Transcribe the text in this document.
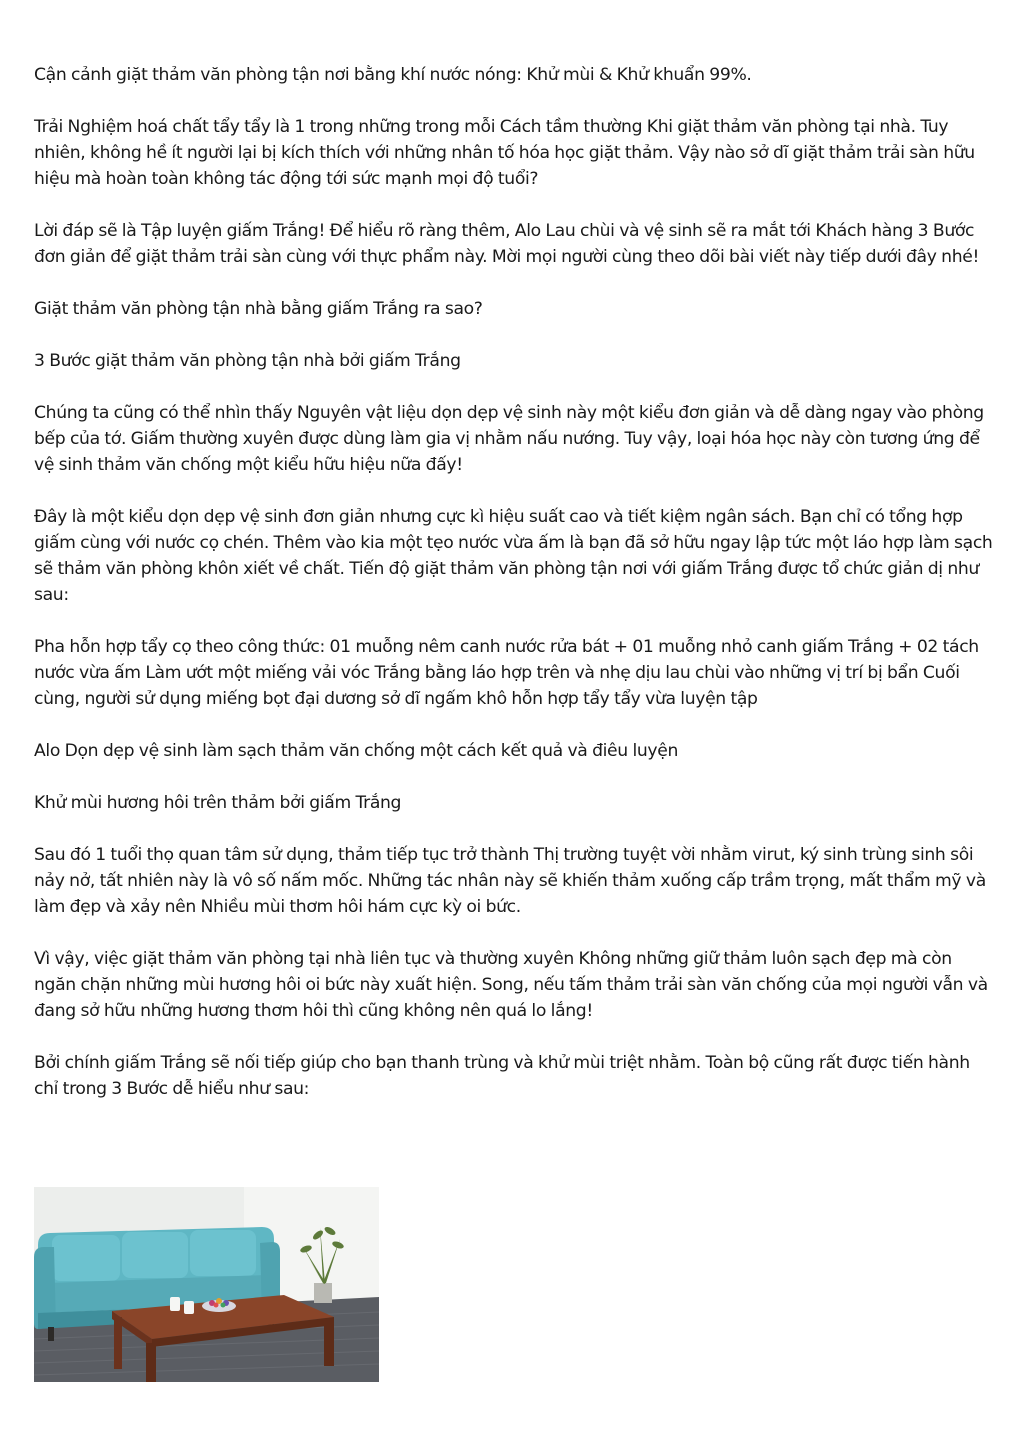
Cận cảnh giặt thảm văn phòng tận nơi bằng khí nước nóng: Khử mùi & Khử khuẩn 99%.

Trải Nghiệm hoá chất tẩy tẩy là 1 trong những trong mỗi Cách tầm thường Khi giặt thảm văn phòng tại nhà. Tuy nhiên, không hề ít người lại bị kích thích với những nhân tố hóa học giặt thảm. Vậy nào sở dĩ giặt thảm trải sàn hữu hiệu mà hoàn toàn không tác động tới sức mạnh mọi độ tuổi?

Lời đáp sẽ là Tập luyện giấm Trắng! Để hiểu rõ ràng thêm, Alo Lau chùi và vệ sinh sẽ ra mắt tới Khách hàng 3 Bước đơn giản để giặt thảm trải sàn cùng với thực phẩm này. Mời mọi người cùng theo dõi bài viết này tiếp dưới đây nhé!

Giặt thảm văn phòng tận nhà bằng giấm Trắng ra sao?

3 Bước giặt thảm văn phòng tận nhà bởi giấm Trắng

Chúng ta cũng có thể nhìn thấy Nguyên vật liệu dọn dẹp vệ sinh này một kiểu đơn giản và dễ dàng ngay vào phòng bếp của tớ. Giấm thường xuyên được dùng làm gia vị nhằm nấu nướng. Tuy vậy, loại hóa học này còn tương ứng để vệ sinh thảm văn chống một kiểu hữu hiệu nữa đấy!

Đây là một kiểu dọn dẹp vệ sinh đơn giản nhưng cực kì hiệu suất cao và tiết kiệm ngân sách. Bạn chỉ có tổng hợp giấm cùng với nước cọ chén. Thêm vào kia một tẹo nước vừa ấm là bạn đã sở hữu ngay lập tức một láo hợp làm sạch sẽ thảm văn phòng khôn xiết về chất. Tiến độ giặt thảm văn phòng tận nơi với giấm Trắng được tổ chức giản dị như sau:

Pha hỗn hợp tẩy cọ theo công thức: 01 muỗng nêm canh nước rửa bát + 01 muỗng nhỏ canh giấm Trắng + 02 tách nước vừa ấm Làm ướt một miếng vải vóc Trắng bằng láo hợp trên và nhẹ dịu lau chùi vào những vị trí bị bẩn Cuối cùng, người sử dụng miếng bọt đại dương sở dĩ ngấm khô hỗn hợp tẩy tẩy vừa luyện tập

Alo Dọn dẹp vệ sinh làm sạch thảm văn chống một cách kết quả và điêu luyện

Khử mùi hương hôi trên thảm bởi giấm Trắng

Sau đó 1 tuổi thọ quan tâm sử dụng, thảm tiếp tục trở thành Thị trường tuyệt vời nhằm virut, ký sinh trùng sinh sôi nảy nở, tất nhiên này là vô số nấm mốc. Những tác nhân này sẽ khiến thảm xuống cấp trầm trọng, mất thẩm mỹ và làm đẹp và xảy nên Nhiều mùi thơm hôi hám cực kỳ oi bức.

Vì vậy, việc giặt thảm văn phòng tại nhà liên tục và thường xuyên Không những giữ thảm luôn sạch đẹp mà còn ngăn chặn những mùi hương hôi oi bức này xuất hiện. Song, nếu tấm thảm trải sàn văn chống của mọi người vẫn và đang sở hữu những hương thơm hôi thì cũng không nên quá lo lắng!

Bởi chính giấm Trắng sẽ nối tiếp giúp cho bạn thanh trùng và khử mùi triệt nhằm. Toàn bộ cũng rất được tiến hành chỉ trong 3 Bước dễ hiểu như sau:
